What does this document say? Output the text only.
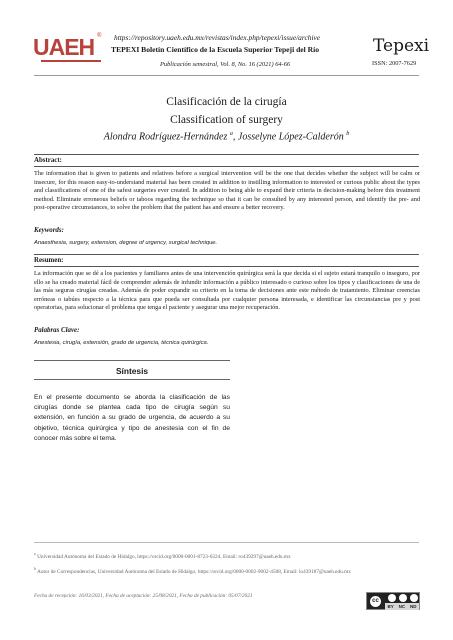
UAEH ® https://repository.uaeh.edu.mx/revistas/index.php/tepexi/issue/archive
TEPEXI Boletín Científico de la Escuela Superior Tepeji del Río
Publicación semestral, Vol. 8, No. 16 (2021) 64-66
Tepexi
ISSN: 2007-7629
Clasificación de la cirugía
Classification of surgery
Alondra Rodríguez-Hernández $^a$, Josselyne López-Calderón $^b$
Abstract:
The information that is given to patients and relatives before a surgical intervention will be the one that decides whether the subject will be calm or insecure, for this reason easy-to-understand material has been created in addition to instilling information to interested or curious public about the types and classifications of one of the safest surgeries ever created. In addition to being able to expand their criteria in decision-making before this treatment method. Eliminate erroneous beliefs or taboos regarding the technique so that it can be consulted by any interested person, and identify the pre- and post-operative circumstances, to solve the problem that the patient has and ensure a better recovery.
Keywords:
Anaesthesia, surgery, extension, degree of urgency, surgical technique.
Resumen:
La información que se dé a los pacientes y familiares antes de una intervención quirúrgica será la que decida si el sujeto estará tranquilo o inseguro, por ello se ha creado material fácil de comprender además de infundir información a público interesado o curioso sobre los tipos y clasificaciones de una de las más seguras cirugías creadas. Además de poder expandir su criterio en la toma de decisiones ante este método de tratamiento. Eliminar creencias erróneas o tabúes respecto a la técnica para que pueda ser consultada por cualquier persona interesada, e identificar las circunstancias pre y post operatorias, para solucionar el problema que tenga el paciente y asegurar una mejor recuperación.
Palabras Clave:
Anestesia, cirugía, extensión, grado de urgencia, técnica quirúrgica.
Síntesis
En el presente documento se aborda la clasificación de las cirugías donde se plantea cada tipo de cirugía según su extensión, en función a su grado de urgencia, de acuerdo a su objetivo, técnica quirúrgica y tipo de anestesia con el fin de conocer más sobre el tema.
$^a$ Universidad Autónoma del Estado de Hidalgo, https://orcid.org/0000-0001-8723-6224, Email: ro439297@uaeh.edu.mx
$^b$ Autor de Correspondencias, Universidad Autónoma del Estado de Hidalgo, https://orcid.org/0000-0002-9002-4588, Email: lo439187@uaeh.edu.mx
Fecha de recepción: 16/03/2021, Fecha de aceptación: 25/08/2021, Fecha de publicación: 05/07/2021
cc
BY NC ND
